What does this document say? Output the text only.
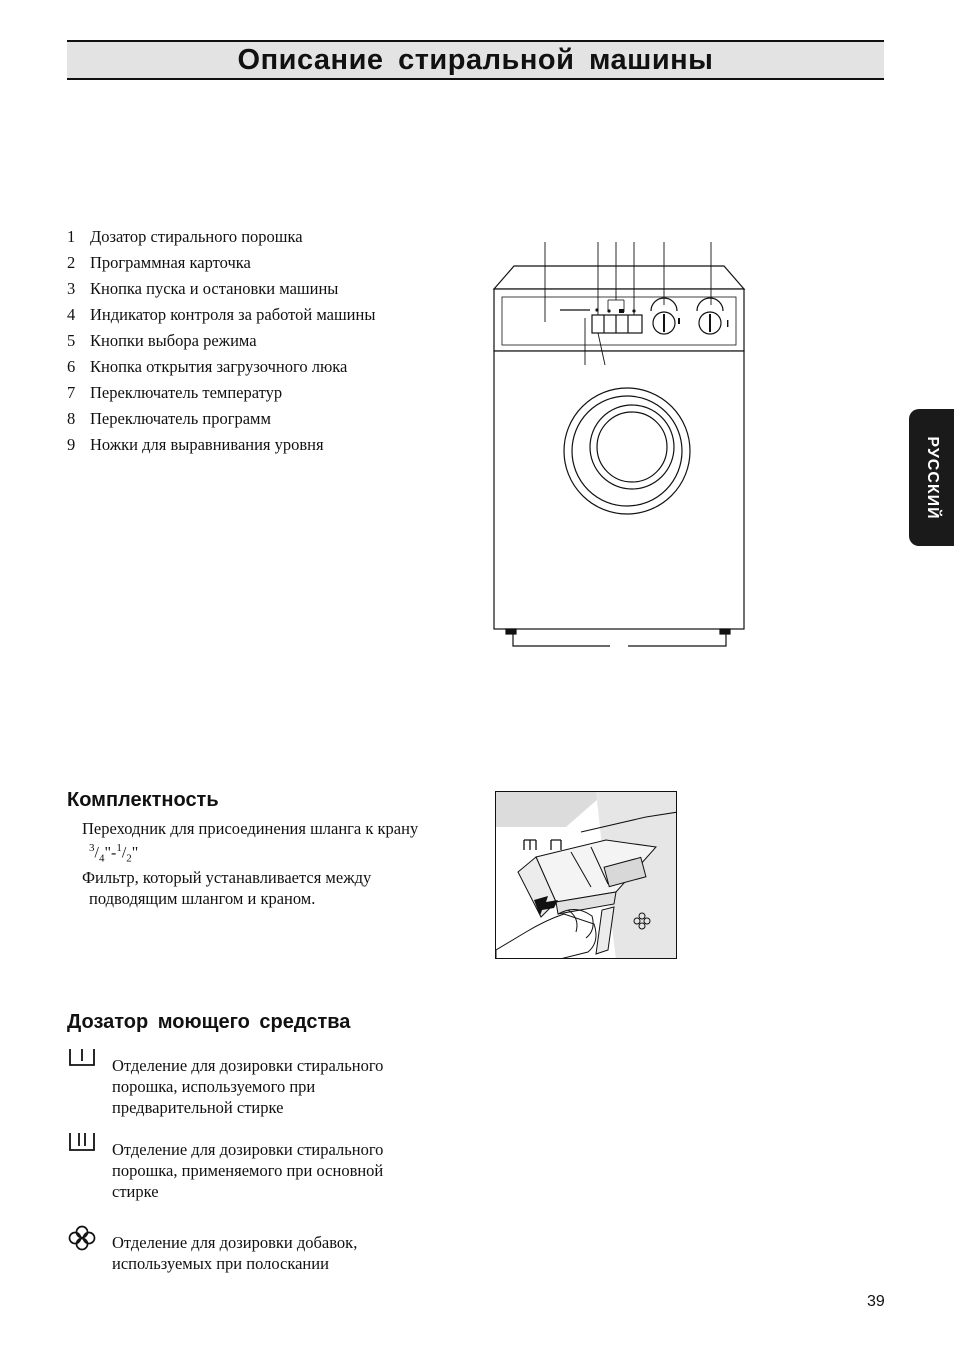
Описание стиральной машины
1 Дозатор стирального порошка
2 Программная карточка
3 Кнопка пуска и остановки машины
4 Индикатор контроля за работой машины
5 Кнопки выбора режима
6 Кнопка открытия загрузочного люка
7 Переключатель температур
8 Переключатель программ
9 Ножки для выравнивания уровня	РУССКИЙ
Комплектность

Переходник для присоединения шланга к крану

$^3/_4"-^1/_2$"

Фильтр, который устанавливается между

подводящим шлангом и краном.

Дозатор моющего средства

Отделение для дозировки стирального

порошка, используемого при

предварительной стирке

Отделение для дозировки стирального

порошка, применяемого при основной

стирке

Отделение для дозировки добавок,

используемых при полоскании

39
